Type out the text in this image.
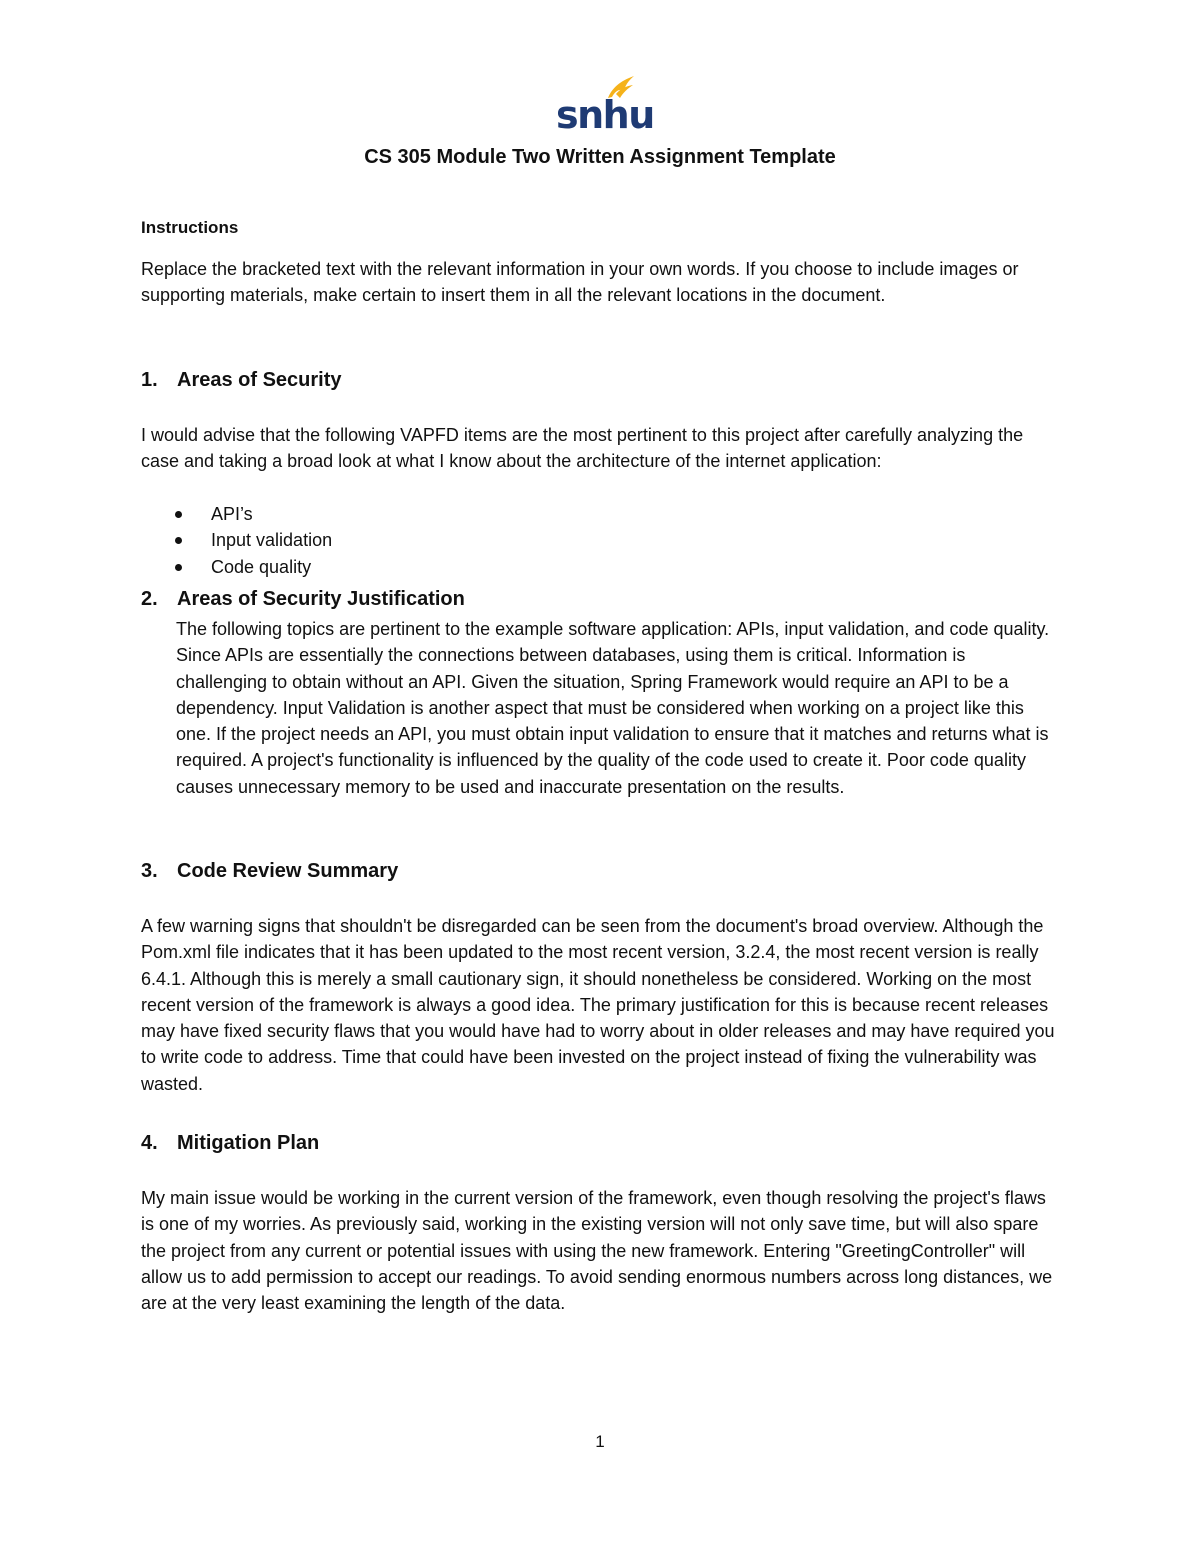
snhu
CS 305 Module Two Written Assignment Template

Instructions

Replace the bracketed text with the relevant information in your own words. If you choose to include images or supporting materials, make certain to insert them in all the relevant locations in the document.

1. Areas of Security

I would advise that the following VAPFD items are the most pertinent to this project after carefully analyzing the case and taking a broad look at what I know about the architecture of the internet application:

API’s
Input validation
Code quality
2. Areas of Security Justification

The following topics are pertinent to the example software application: APIs, input validation, and code quality. Since APIs are essentially the connections between databases, using them is critical. Information is challenging to obtain without an API. Given the situation, Spring Framework would require an API to be a dependency. Input Validation is another aspect that must be considered when working on a project like this one. If the project needs an API, you must obtain input validation to ensure that it matches and returns what is required. A project's functionality is influenced by the quality of the code used to create it. Poor code quality causes unnecessary memory to be used and inaccurate presentation on the results.

3. Code Review Summary

A few warning signs that shouldn't be disregarded can be seen from the document's broad overview. Although the Pom.xml file indicates that it has been updated to the most recent version, 3.2.4, the most recent version is really 6.4.1. Although this is merely a small cautionary sign, it should nonetheless be considered. Working on the most recent version of the framework is always a good idea. The primary justification for this is because recent releases may have fixed security flaws that you would have had to worry about in older releases and may have required you to write code to address. Time that could have been invested on the project instead of fixing the vulnerability was wasted.

4. Mitigation Plan

My main issue would be working in the current version of the framework, even though resolving the project's flaws is one of my worries. As previously said, working in the existing version will not only save time, but will also spare the project from any current or potential issues with using the new framework. Entering "GreetingController" will allow us to add permission to accept our readings. To avoid sending enormous numbers across long distances, we are at the very least examining the length of the data.

1
